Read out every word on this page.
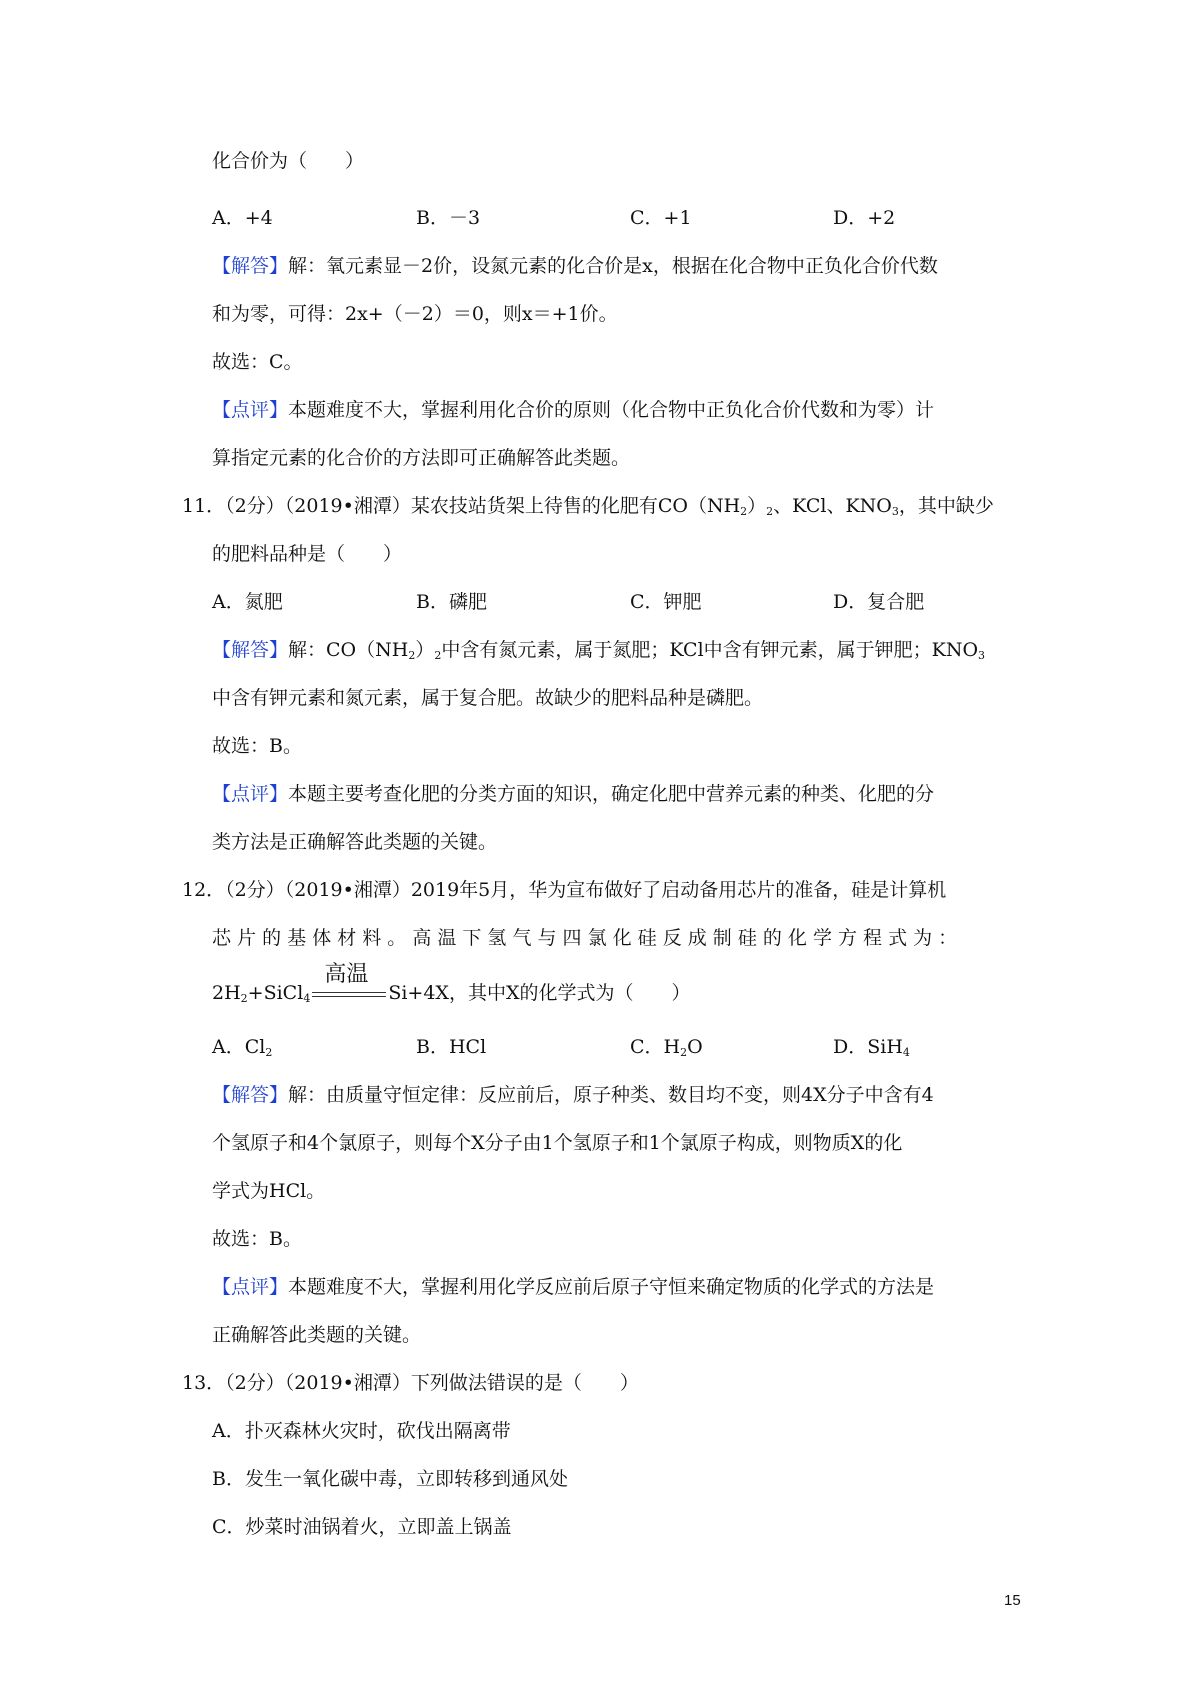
化合价为（　　）
A．+4	B．－3	C．+1	D．+2
【解答】解：氧元素显－2价，设氮元素的化合价是x，根据在化合物中正负化合价代数
和为零，可得：2x+（－2）＝0，则x＝+1价。
故选：C。
【点评】本题难度不大，掌握利用化合价的原则（化合物中正负化合价代数和为零）计
算指定元素的化合价的方法即可正确解答此类题。
11．（2分）（2019•湘潭）某农技站货架上待售的化肥有$CO(NH_2)_2$、KCl、$KNO_3$，其中缺少
的肥料品种是（　　）
A．氮肥	B．磷肥	C．钾肥	D．复合肥
【解答】解：$CO(NH_2)_2$中含有氮元素，属于氮肥；KCl中含有钾元素，属于钾肥；$KNO_3$
中含有钾元素和氮元素，属于复合肥。故缺少的肥料品种是磷肥。
故选：B。
【点评】本题主要考查化肥的分类方面的知识，确定化肥中营养元素的种类、化肥的分
类方法是正确解答此类题的关键。
12．（2分）（2019•湘潭）2019年5月，华为宣布做好了启动备用芯片的准备，硅是计算机
芯 片 的 基 体 材 料 。 高 温 下 氢 气 与 四 氯 化 硅 反 成 制 硅 的 化 学 方 程 式 为 ：
$2H_2+SiCl_4$
高温
Si+4X，其中X的化学式为（　　）
A．$Cl_2$	B．HCl	C．$H_2O$	D．SiH$_4$
【解答】解：由质量守恒定律：反应前后，原子种类、数目均不变，则4X分子中含有4
个氢原子和4个氯原子，则每个X分子由1个氢原子和1个氯原子构成，则物质X的化
学式为HCl。
故选：B。
【点评】本题难度不大，掌握利用化学反应前后原子守恒来确定物质的化学式的方法是
正确解答此类题的关键。
13．（2分）（2019•湘潭）下列做法错误的是（　　）
A．扑灭森林火灾时，砍伐出隔离带
B．发生一氧化碳中毒，立即转移到通风处
C．炒菜时油锅着火，立即盖上锅盖
15
